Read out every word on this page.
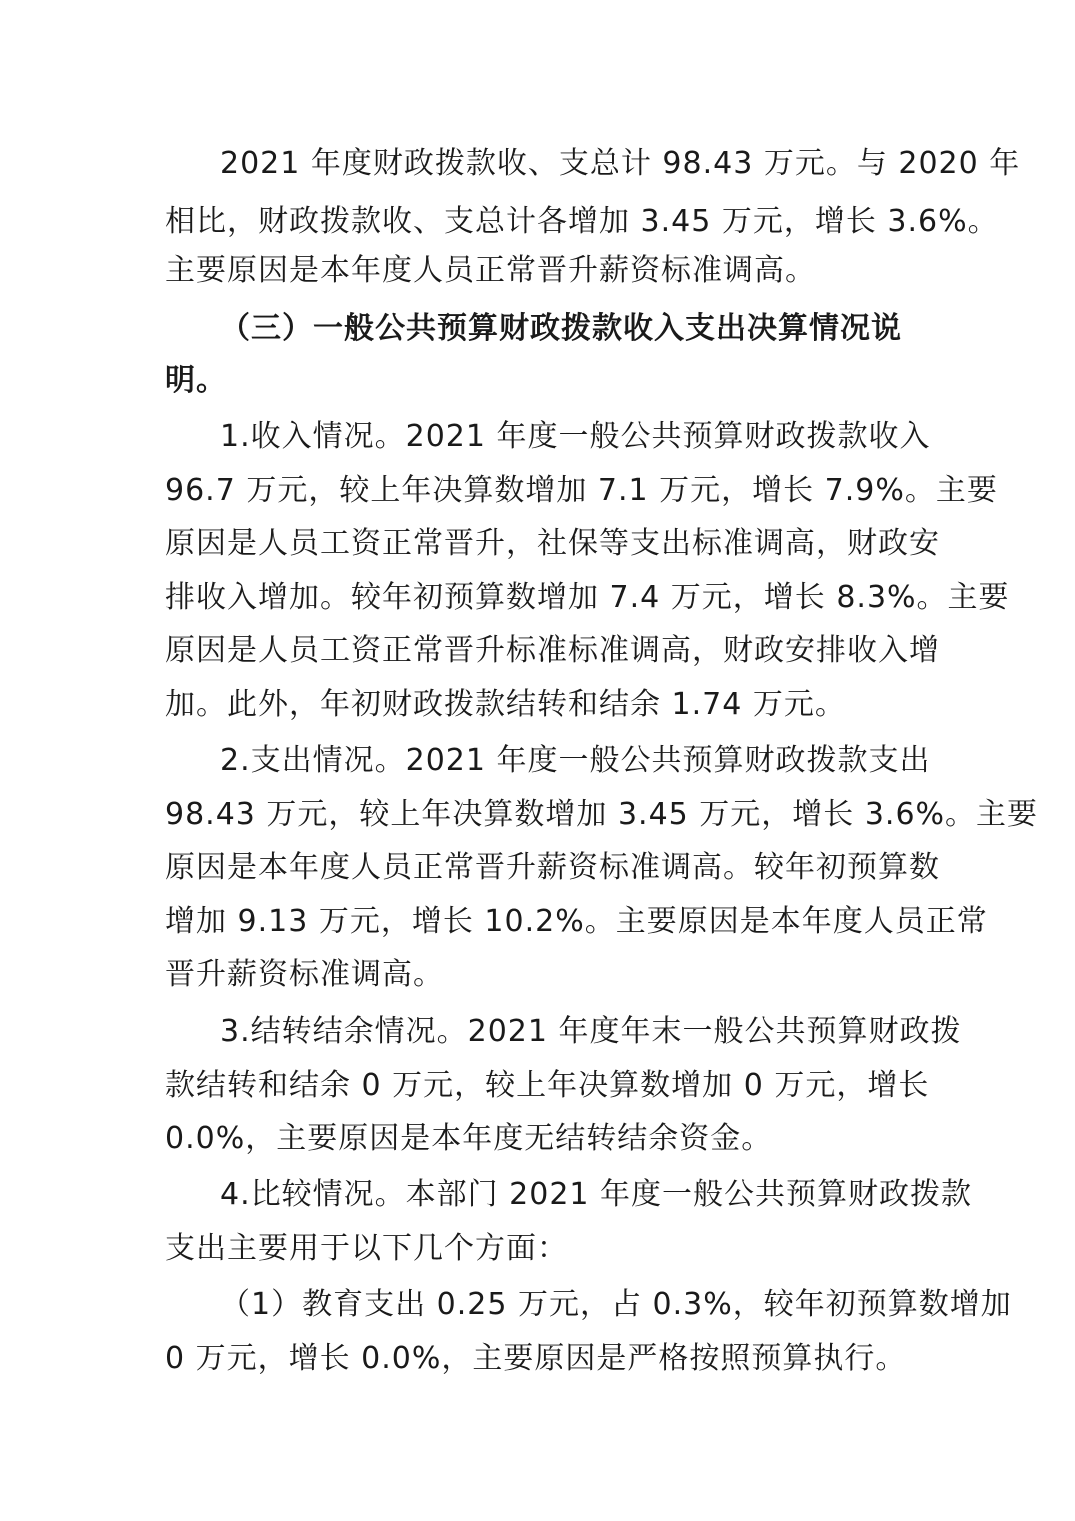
2021 年度财政拨款收、支总计 98.43 万元。与 2020 年
相比，财政拨款收、支总计各增加 3.45 万元，增长 3.6%。
主要原因是本年度人员正常晋升薪资标准调高。
（三）一般公共预算财政拨款收入支出决算情况说
明。
1.收入情况。2021 年度一般公共预算财政拨款收入
96.7 万元，较上年决算数增加 7.1 万元，增长 7.9%。主要
原因是人员工资正常晋升，社保等支出标准调高，财政安
排收入增加。较年初预算数增加 7.4 万元，增长 8.3%。主要
原因是人员工资正常晋升标准标准调高，财政安排收入增
加。此外，年初财政拨款结转和结余 1.74 万元。
2.支出情况。2021 年度一般公共预算财政拨款支出
98.43 万元，较上年决算数增加 3.45 万元，增长 3.6%。主要
原因是本年度人员正常晋升薪资标准调高。较年初预算数
增加 9.13 万元，增长 10.2%。主要原因是本年度人员正常
晋升薪资标准调高。
3.结转结余情况。2021 年度年末一般公共预算财政拨
款结转和结余 0 万元，较上年决算数增加 0 万元，增长
0.0%，主要原因是本年度无结转结余资金。
4.比较情况。本部门 2021 年度一般公共预算财政拨款
支出主要用于以下几个方面：
（1）教育支出 0.25 万元，占 0.3%，较年初预算数增加
0 万元，增长 0.0%，主要原因是严格按照预算执行。
